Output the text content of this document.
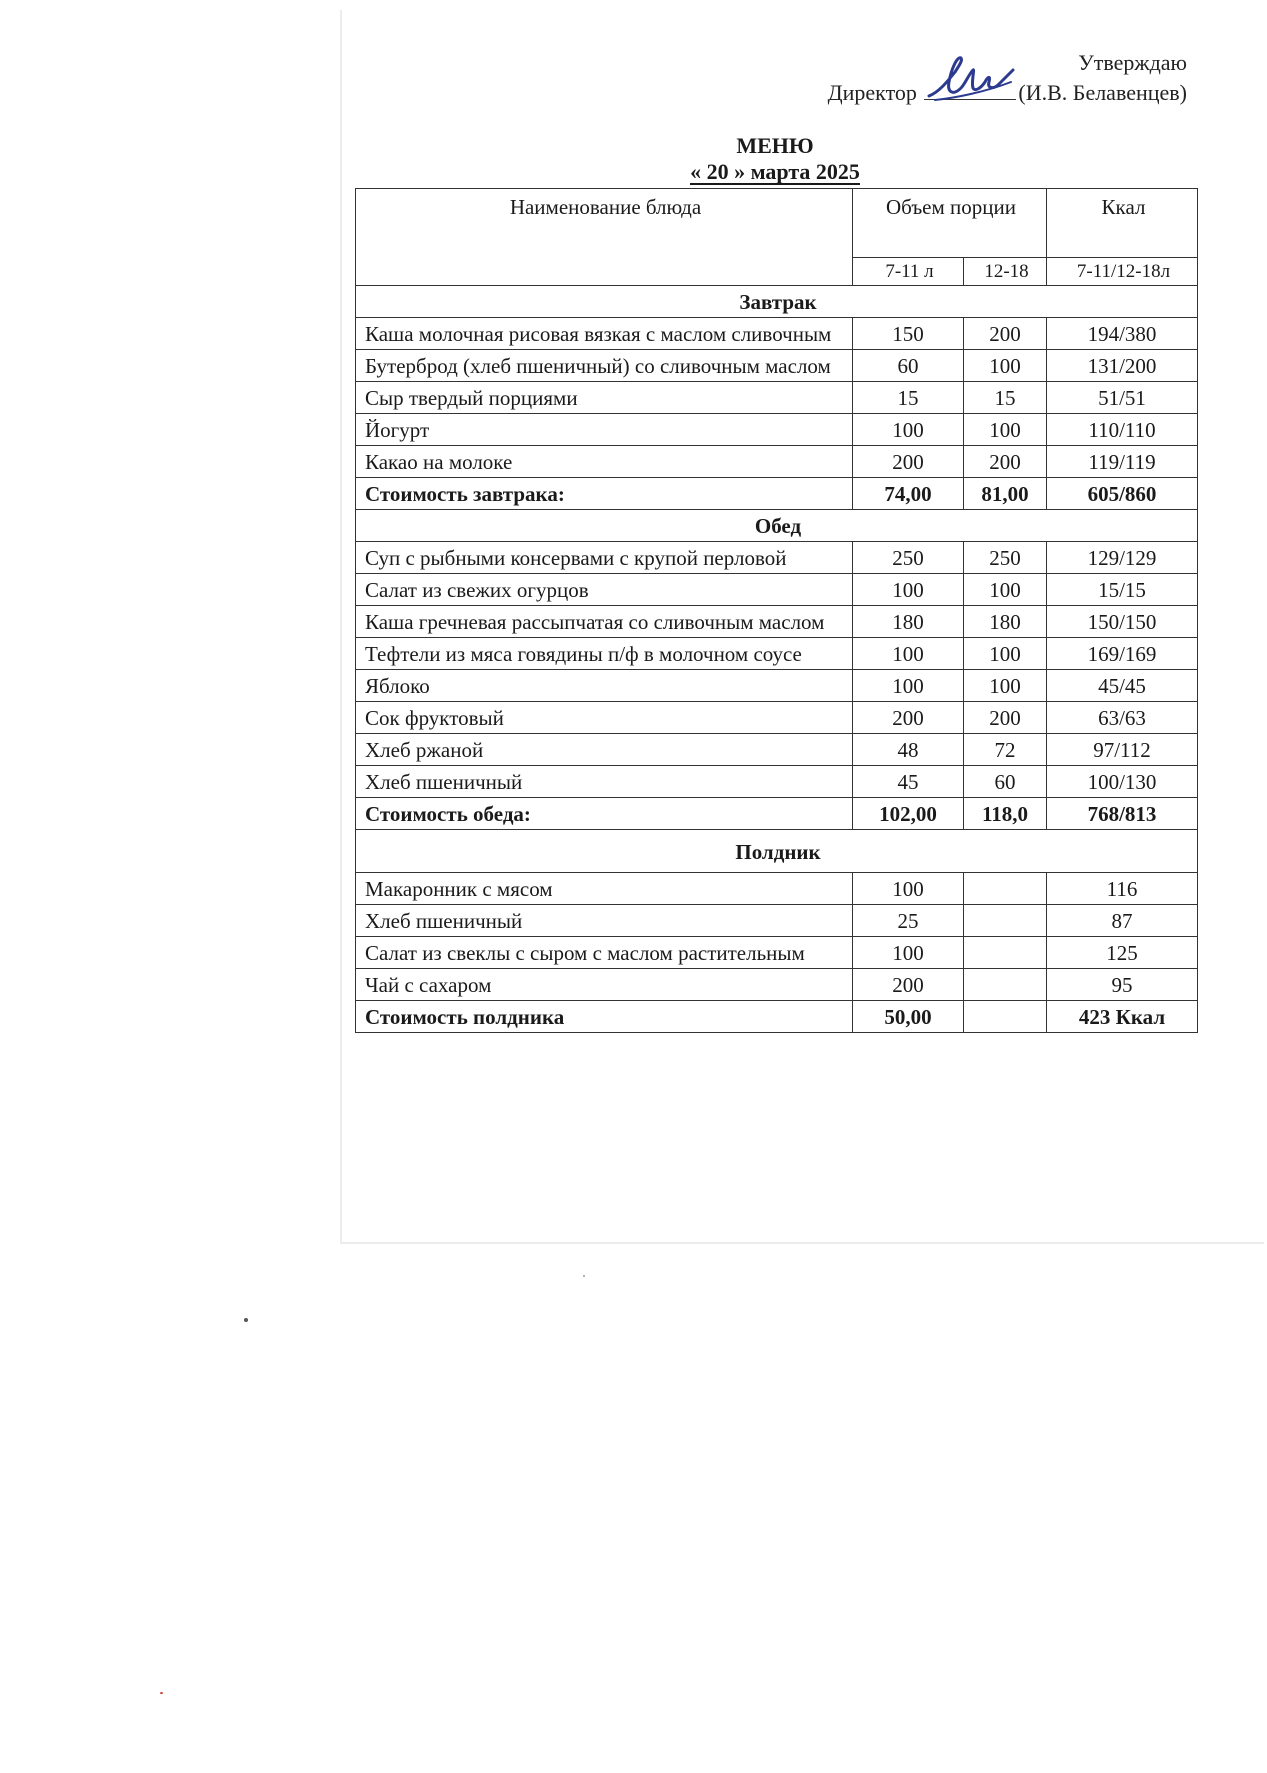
Утверждаю
Директор	(И.В. Белавенцев)
МЕНЮ
« 20 » марта 2025
Наименование блюда	Объем порции		Ккал
	7-11 л	12-18	7-11/12-18л
Завтрак			
Каша молочная рисовая вязкая с маслом сливочным	150	200	194/380
Бутерброд (хлеб пшеничный) со сливочным маслом	60	100	131/200
Сыр твердый порциями	15	15	51/51
Йогурт	100	100	110/110
Какао на молоке	200	200	119/119
Стоимость завтрака:	74,00	81,00	605/860
Обед			
Суп с рыбными консервами с крупой перловой	250	250	129/129
Салат из свежих огурцов	100	100	15/15
Каша гречневая рассыпчатая со сливочным маслом	180	180	150/150
Тефтели из мяса говядины п/ф в молочном соусе	100	100	169/169
Яблоко	100	100	45/45
Сок фруктовый	200	200	63/63
Хлеб ржаной	48	72	97/112
Хлеб пшеничный	45	60	100/130
Стоимость обеда:	102,00	118,0	768/813
Полдник			
Макаронник с мясом	100		116
Хлеб пшеничный	25		87
Салат из свеклы с сыром с маслом растительным	100		125
Чай с сахаром	200		95
Стоимость полдника	50,00		423 Ккал
